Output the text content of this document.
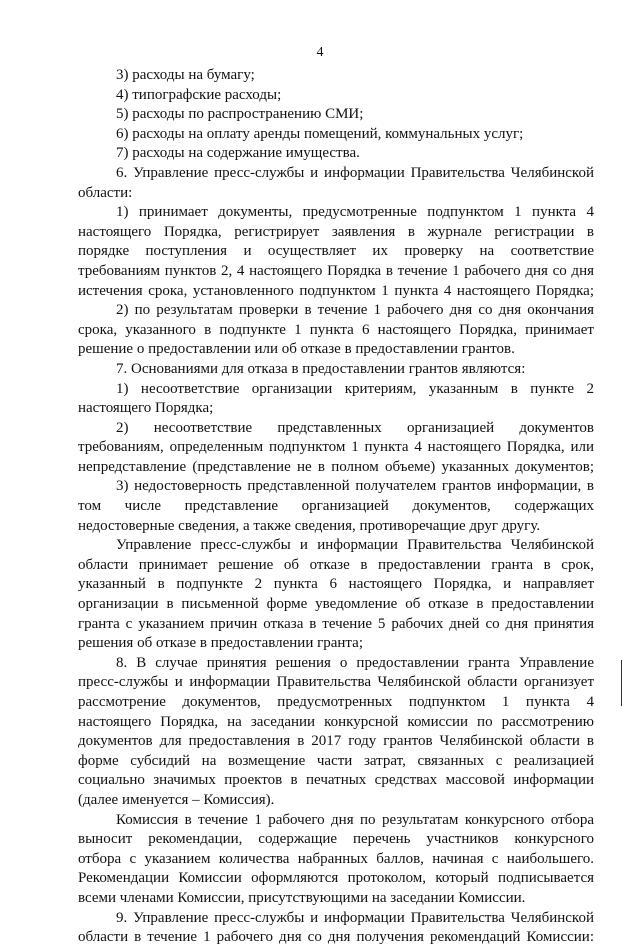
4
3) расходы на бумагу;
4) типографские расходы;
5) расходы по распространению СМИ;
6) расходы на оплату аренды помещений, коммунальных услуг;
7) расходы на содержание имущества.
6. Управление пресс-службы и информации Правительства Челябинской
области:
1) принимает документы, предусмотренные подпунктом 1 пункта 4
настоящего Порядка, регистрирует заявления в журнале регистрации в
порядке поступления и осуществляет их проверку на соответствие
требованиям пунктов 2, 4 настоящего Порядка в течение 1 рабочего дня со дня
истечения срока, установленного подпунктом 1 пункта 4 настоящего Порядка;
2) по результатам проверки в течение 1 рабочего дня со дня окончания
срока, указанного в подпункте 1 пункта 6 настоящего Порядка, принимает
решение о предоставлении или об отказе в предоставлении грантов.
7. Основаниями для отказа в предоставлении грантов являются:
1) несоответствие организации критериям, указанным в пункте 2
настоящего Порядка;
2) несоответствие представленных организацией документов
требованиям, определенным подпунктом 1 пункта 4 настоящего Порядка, или
непредставление (представление не в полном объеме) указанных документов;
3) недостоверность представленной получателем грантов информации, в
том числе представление организацией документов, содержащих
недостоверные сведения, а также сведения, противоречащие друг другу.
Управление пресс-службы и информации Правительства Челябинской
области принимает решение об отказе в предоставлении гранта в срок,
указанный в подпункте 2 пункта 6 настоящего Порядка, и направляет
организации в письменной форме уведомление об отказе в предоставлении
гранта с указанием причин отказа в течение 5 рабочих дней со дня принятия
решения об отказе в предоставлении гранта;
8. В случае принятия решения о предоставлении гранта Управление
пресс-службы и информации Правительства Челябинской области организует
рассмотрение документов, предусмотренных подпунктом 1 пункта 4
настоящего Порядка, на заседании конкурсной комиссии по рассмотрению
документов для предоставления в 2017 году грантов Челябинской области в
форме субсидий на возмещение части затрат, связанных с реализацией
социально значимых проектов в печатных средствах массовой информации
(далее именуется – Комиссия).
Комиссия в течение 1 рабочего дня по результатам конкурсного отбора
выносит рекомендации, содержащие перечень участников конкурсного
отбора с указанием количества набранных баллов, начиная с наибольшего.
Рекомендации Комиссии оформляются протоколом, который подписывается
всеми членами Комиссии, присутствующими на заседании Комиссии.
9. Управление пресс-службы и информации Правительства Челябинской
области в течение 1 рабочего дня со дня получения рекомендаций Комиссии:
